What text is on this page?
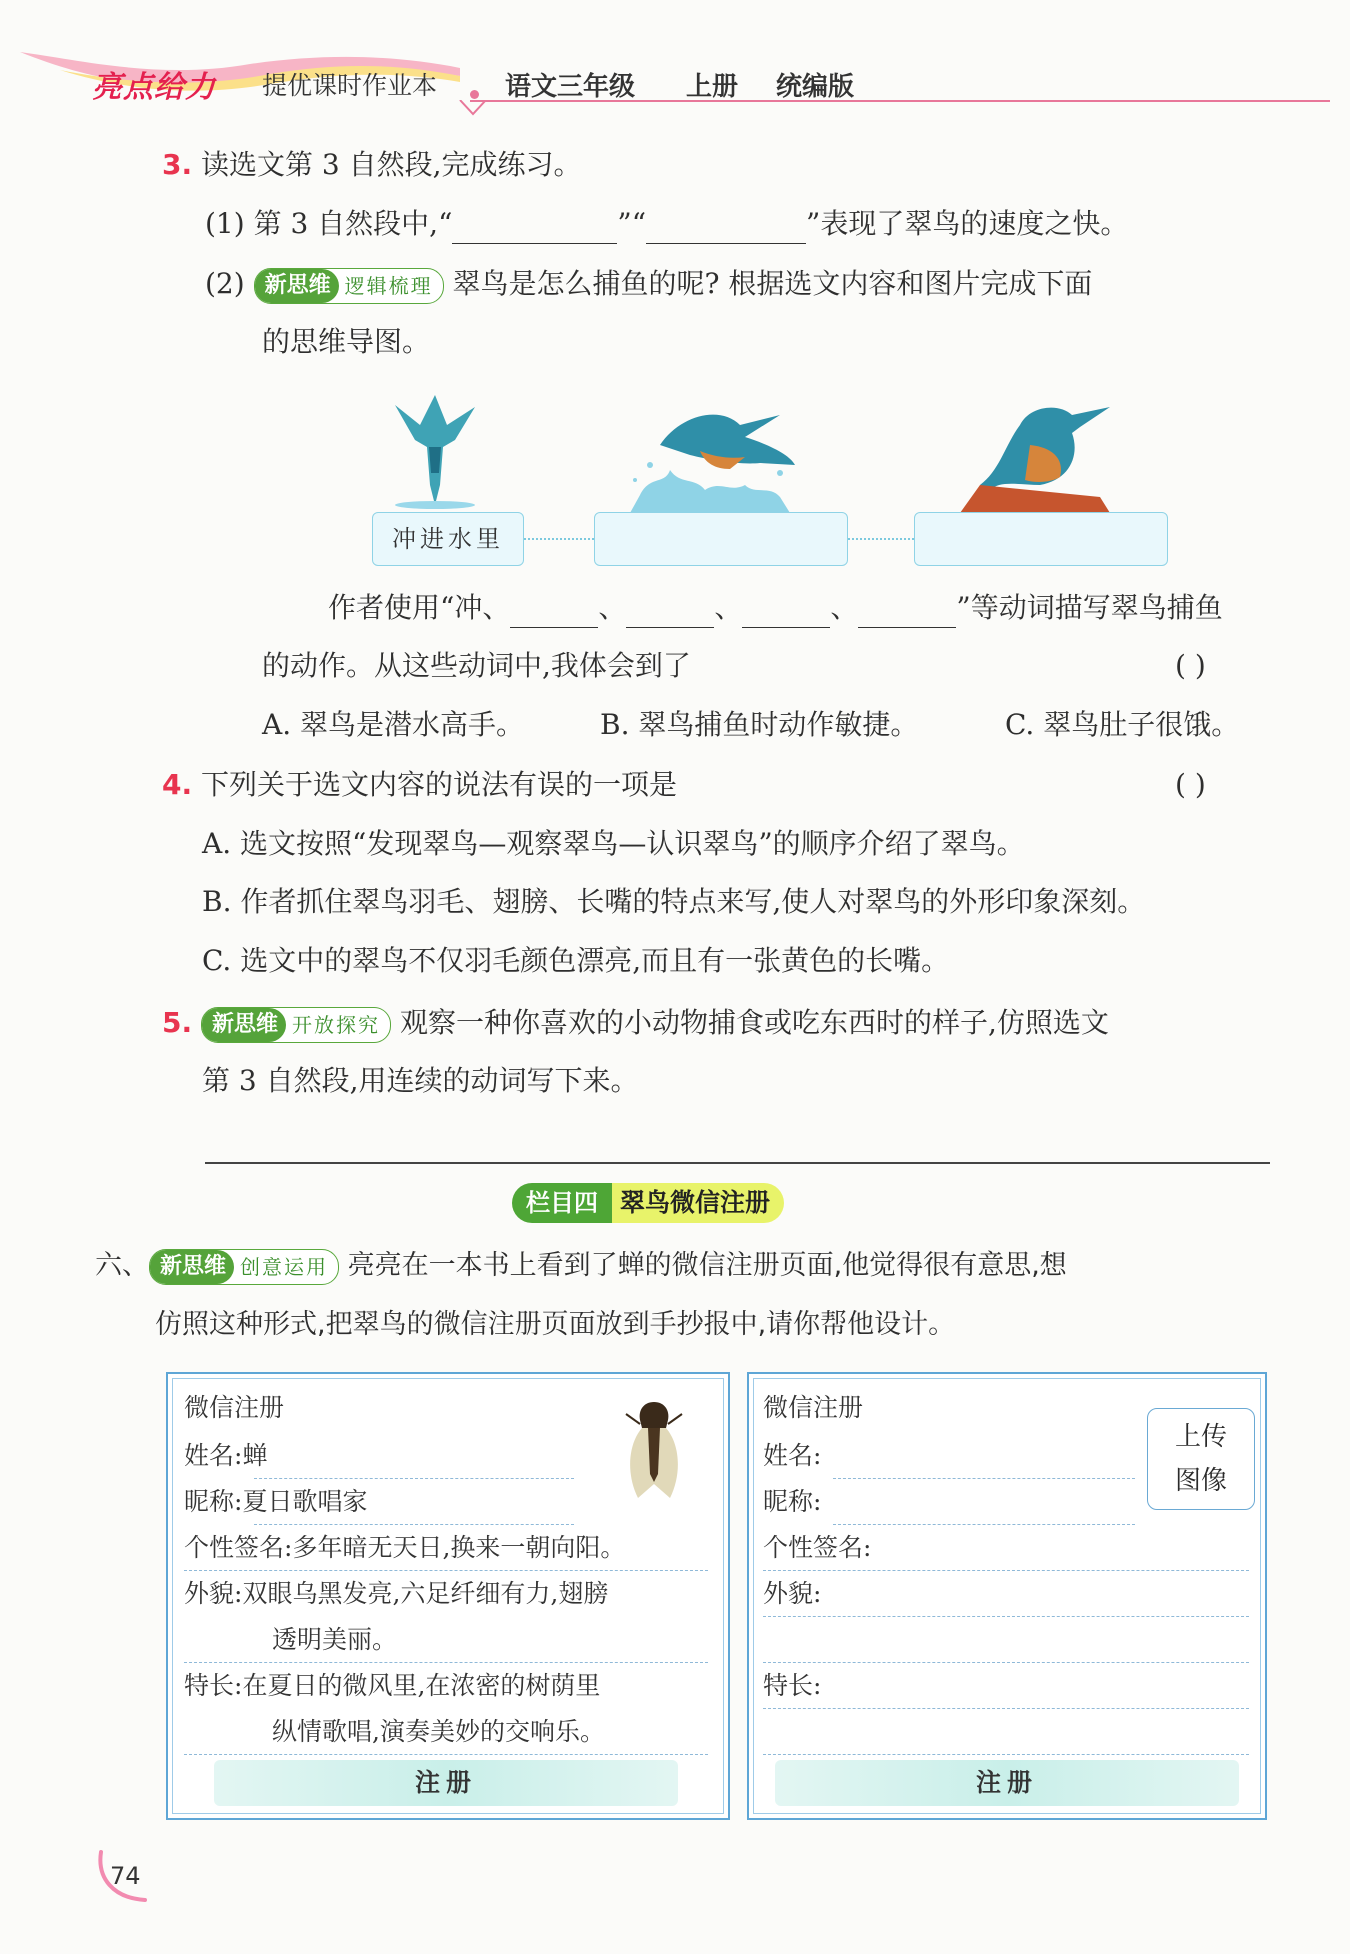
亮点给力 提优课时作业本	语文三年级 上册 统编版
3. 读选文第 3 自然段,完成练习。
(1) 第 3 自然段中,“	”“	”表现了翠鸟的速度之快。
(2) 新思维 逻辑梳理 翠鸟是怎么捕鱼的呢? 根据选文内容和图片完成下面
的思维导图。
冲进水里
作者使用“冲、	、	、	、	”等动词描写翠鸟捕鱼
的动作。从这些动词中,我体会到了	( )
A. 翠鸟是潜水高手。	B. 翠鸟捕鱼时动作敏捷。	C. 翠鸟肚子很饿。
4. 下列关于选文内容的说法有误的一项是	( )
A. 选文按照“发现翠鸟—观察翠鸟—认识翠鸟”的顺序介绍了翠鸟。
B. 作者抓住翠鸟羽毛、翅膀、长嘴的特点来写,使人对翠鸟的外形印象深刻。
C. 选文中的翠鸟不仅羽毛颜色漂亮,而且有一张黄色的长嘴。
5. 新思维 开放探究 观察一种你喜欢的小动物捕食或吃东西时的样子,仿照选文
第 3 自然段,用连续的动词写下来。
栏目四 翠鸟微信注册
六、 新思维 创意运用 亮亮在一本书上看到了蝉的微信注册页面,他觉得很有意思,想
仿照这种形式,把翠鸟的微信注册页面放到手抄报中,请你帮他设计。
微信注册
姓名:蝉
昵称:夏日歌唱家
个性签名:多年暗无天日,换来一朝向阳。
外貌:双眼乌黑发亮,六足纤细有力,翅膀
透明美丽。
特长:在夏日的微风里,在浓密的树荫里
纵情歌唱,演奏美妙的交响乐。
注册
微信注册
上传
图像
姓名:
昵称:
个性签名:
外貌:
特长:
注册
74
